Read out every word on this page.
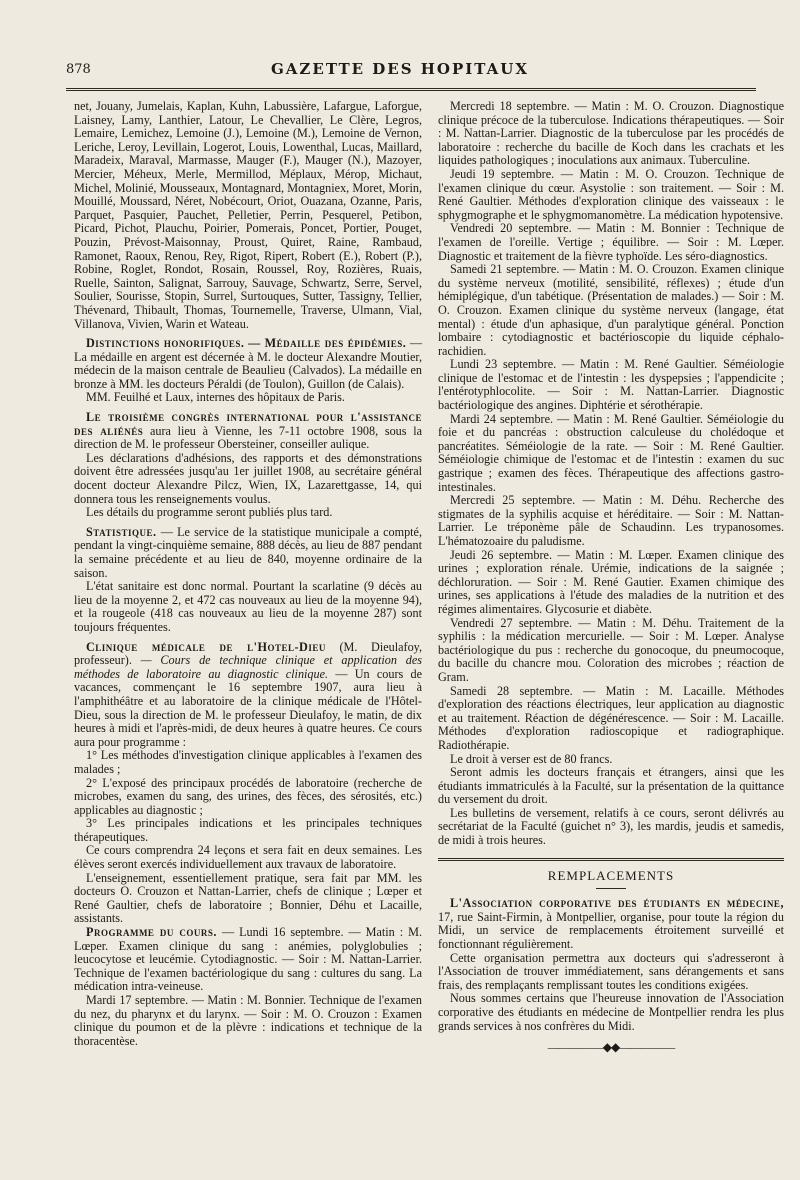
878	GAZETTE DES HOPITAUX

net, Jouany, Jumelais, Kaplan, Kuhn, Labussière, Lafargue, Laforgue, Laisney, Lamy, Lanthier, Latour, Le Chevallier, Le Clère, Legros, Lemaire, Lemichez, Lemoine (J.), Lemoine (M.), Lemoine de Vernon, Leriche, Leroy, Levillain, Logerot, Louis, Lowenthal, Lucas, Maillard, Maradeix, Maraval, Marmasse, Mauger (F.), Mauger (N.), Mazoyer, Mercier, Méheux, Merle, Mermillod, Méplaux, Mérop, Michaut, Michel, Molinié, Mousseaux, Montagnard, Montagniex, Moret, Morin, Mouillé, Moussard, Néret, Nobécourt, Oriot, Ouazana, Ozanne, Paris, Parquet, Pasquier, Pauchet, Pelletier, Perrin, Pesquerel, Petibon, Picard, Pichot, Plauchu, Poirier, Pomerais, Poncet, Portier, Pouget, Pouzin, Prévost-Maisonnay, Proust, Quiret, Raine, Rambaud, Ramonet, Raoux, Renou, Rey, Rigot, Ripert, Robert (E.), Robert (P.), Robine, Roglet, Rondot, Rosain, Roussel, Roy, Rozières, Ruais, Ruelle, Sainton, Salignat, Sarrouy, Sauvage, Schwartz, Serre, Servel, Soulier, Sourisse, Stopin, Surrel, Surtouques, Sutter, Tassigny, Tellier, Thévenard, Thibault, Thomas, Tournemelle, Traverse, Ulmann, Vial, Villanova, Vivien, Warin et Wateau.

Distinctions honorifiques. — Médaille des épidémies. — La médaille en argent est décernée à M. le docteur Alexandre Moutier, médecin de la maison centrale de Beaulieu (Calvados). La médaille en bronze à MM. les docteurs Péraldi (de Toulon), Guillon (de Calais).

MM. Feuilhé et Laux, internes des hôpitaux de Paris.

Le troisième congrès international pour l'assistance des aliénés aura lieu à Vienne, les 7-11 octobre 1908, sous la direction de M. le professeur Obersteiner, conseiller aulique.

Les déclarations d'adhésions, des rapports et des démonstrations doivent être adressées jusqu'au 1er juillet 1908, au secrétaire général docent docteur Alexandre Pilcz, Wien, IX, Lazarettgasse, 14, qui donnera tous les renseignements voulus.

Les détails du programme seront publiés plus tard.

Statistique. — Le service de la statistique municipale a compté, pendant la vingt-cinquième semaine, 888 décès, au lieu de 887 pendant la semaine précédente et au lieu de 840, moyenne ordinaire de la saison.

L'état sanitaire est donc normal. Pourtant la scarlatine (9 décès au lieu de la moyenne 2, et 472 cas nouveaux au lieu de la moyenne 94), et la rougeole (418 cas nouveaux au lieu de la moyenne 287) sont toujours fréquentes.

Clinique médicale de l'Hotel-Dieu (M. Dieulafoy, professeur). — Cours de technique clinique et application des méthodes de laboratoire au diagnostic clinique. — Un cours de vacances, commençant le 16 septembre 1907, aura lieu à l'amphithéâtre et au laboratoire de la clinique médicale de l'Hôtel-Dieu, sous la direction de M. le professeur Dieulafoy, le matin, de dix heures à midi et l'après-midi, de deux heures à quatre heures. Ce cours aura pour programme :

1° Les méthodes d'investigation clinique applicables à l'examen des malades ;

2° L'exposé des principaux procédés de laboratoire (recherche de microbes, examen du sang, des urines, des fèces, des sérosités, etc.) applicables au diagnostic ;

3° Les principales indications et les principales techniques thérapeutiques.

Ce cours comprendra 24 leçons et sera fait en deux semaines. Les élèves seront exercés individuellement aux travaux de laboratoire.

L'enseignement, essentiellement pratique, sera fait par MM. les docteurs O. Crouzon et Nattan-Larrier, chefs de clinique ; Lœper et René Gaultier, chefs de laboratoire ; Bonnier, Déhu et Lacaille, assistants.

Programme du cours. — Lundi 16 septembre. — Matin : M. Lœper. Examen clinique du sang : anémies, polyglobulies ; leucocytose et leucémie. Cytodiagnostic. — Soir : M. Nattan-Larrier. Technique de l'examen bactériologique du sang : cultures du sang. La médication intra-veineuse.

Mardi 17 septembre. — Matin : M. Bonnier. Technique de l'examen du nez, du pharynx et du larynx. — Soir : M. O. Crouzon : Examen clinique du poumon et de la plèvre : indications et technique de la thoracentèse.

Mercredi 18 septembre. — Matin : M. O. Crouzon. Diagnostique clinique précoce de la tuberculose. Indications thérapeutiques. — Soir : M. Nattan-Larrier. Diagnostic de la tuberculose par les procédés de laboratoire : recherche du bacille de Koch dans les crachats et les liquides pathologiques ; inoculations aux animaux. Tuberculine.

Jeudi 19 septembre. — Matin : M. O. Crouzon. Technique de l'examen clinique du cœur. Asystolie : son traitement. — Soir : M. René Gaultier. Méthodes d'exploration clinique des vaisseaux : le sphygmographe et le sphygmomanomètre. La médication hypotensive.

Vendredi 20 septembre. — Matin : M. Bonnier : Technique de l'examen de l'oreille. Vertige ; équilibre. — Soir : M. Lœper. Diagnostic et traitement de la fièvre typhoïde. Les séro-diagnostics.

Samedi 21 septembre. — Matin : M. O. Crouzon. Examen clinique du système nerveux (motilité, sensibilité, réflexes) ; étude d'un hémiplégique, d'un tabétique. (Présentation de malades.) — Soir : M. O. Crouzon. Examen clinique du système nerveux (langage, état mental) : étude d'un aphasique, d'un paralytique général. Ponction lombaire : cytodiagnostic et bactérioscopie du liquide céphalo-rachidien.

Lundi 23 septembre. — Matin : M. René Gaultier. Séméiologie clinique de l'estomac et de l'intestin : les dyspepsies ; l'appendicite ; l'entérotyphlocolite. — Soir : M. Nattan-Larrier. Diagnostic bactériologique des angines. Diphtérie et sérothérapie.

Mardi 24 septembre. — Matin : M. René Gaultier. Séméiologie du foie et du pancréas : obstruction calculeuse du cholédoque et pancréatites. Séméiologie de la rate. — Soir : M. René Gaultier. Séméiologie chimique de l'estomac et de l'intestin : examen du suc gastrique ; examen des fèces. Thérapeutique des affections gastro-intestinales.

Mercredi 25 septembre. — Matin : M. Déhu. Recherche des stigmates de la syphilis acquise et héréditaire. — Soir : M. Nattan-Larrier. Le tréponème pâle de Schaudinn. Les trypanosomes. L'hématozoaire du paludisme.

Jeudi 26 septembre. — Matin : M. Lœper. Examen clinique des urines ; exploration rénale. Urémie, indications de la saignée ; déchloruration. — Soir : M. René Gautier. Examen chimique des urines, ses applications à l'étude des maladies de la nutrition et des régimes alimentaires. Glycosurie et diabète.

Vendredi 27 septembre. — Matin : M. Déhu. Traitement de la syphilis : la médication mercurielle. — Soir : M. Lœper. Analyse bactériologique du pus : recherche du gonocoque, du pneumocoque, du bacille du chancre mou. Coloration des microbes ; réaction de Gram.

Samedi 28 septembre. — Matin : M. Lacaille. Méthodes d'exploration des réactions électriques, leur application au diagnostic et au traitement. Réaction de dégénérescence. — Soir : M. Lacaille. Méthodes d'exploration radioscopique et radiographique. Radiothérapie.

Le droit à verser est de 80 francs.

Seront admis les docteurs français et étrangers, ainsi que les étudiants immatriculés à la Faculté, sur la présentation de la quittance du versement du droit.

Les bulletins de versement, relatifs à ce cours, seront délivrés au secrétariat de la Faculté (guichet n° 3), les mardis, jeudis et samedis, de midi à trois heures.

REMPLACEMENTS

L'Association corporative des étudiants en médecine, 17, rue Saint-Firmin, à Montpellier, organise, pour toute la région du Midi, un service de remplacements étroitement surveillé et fonctionnant régulièrement.

Cette organisation permettra aux docteurs qui s'adresseront à l'Association de trouver immédiatement, sans dérangements et sans frais, des remplaçants remplissant toutes les conditions exigées.

Nous sommes certains que l'heureuse innovation de l'Association corporative des étudiants en médecine de Montpellier rendra les plus grands services à nos confrères du Midi.

—————◆◆—————
